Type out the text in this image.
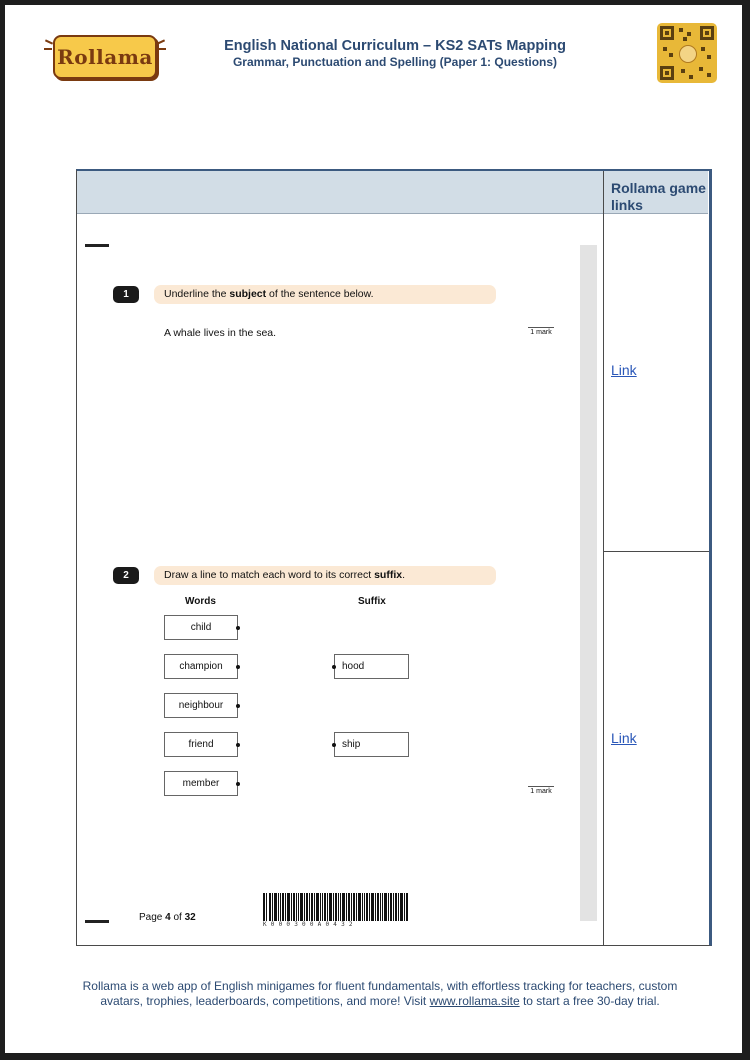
Rollama	English National Curriculum – KS2 SATs Mapping
Grammar, Punctuation and Spelling (Paper 1: Questions)
Rollama game links
Link
Link
1	Underline the subject of the sentence below.
A whale lives in the sea.	1 mark
2	Draw a line to match each word to its correct suffix.
Words	Suffix
child
champion
neighbour
friend
member
hood
ship
1 mark
Page 4 of 32
K000300A0432
Rollama is a web app of English minigames for fluent fundamentals, with effortless tracking for teachers, custom avatars, trophies, leaderboards, competitions, and more! Visit www.rollama.site to start a free 30-day trial.
